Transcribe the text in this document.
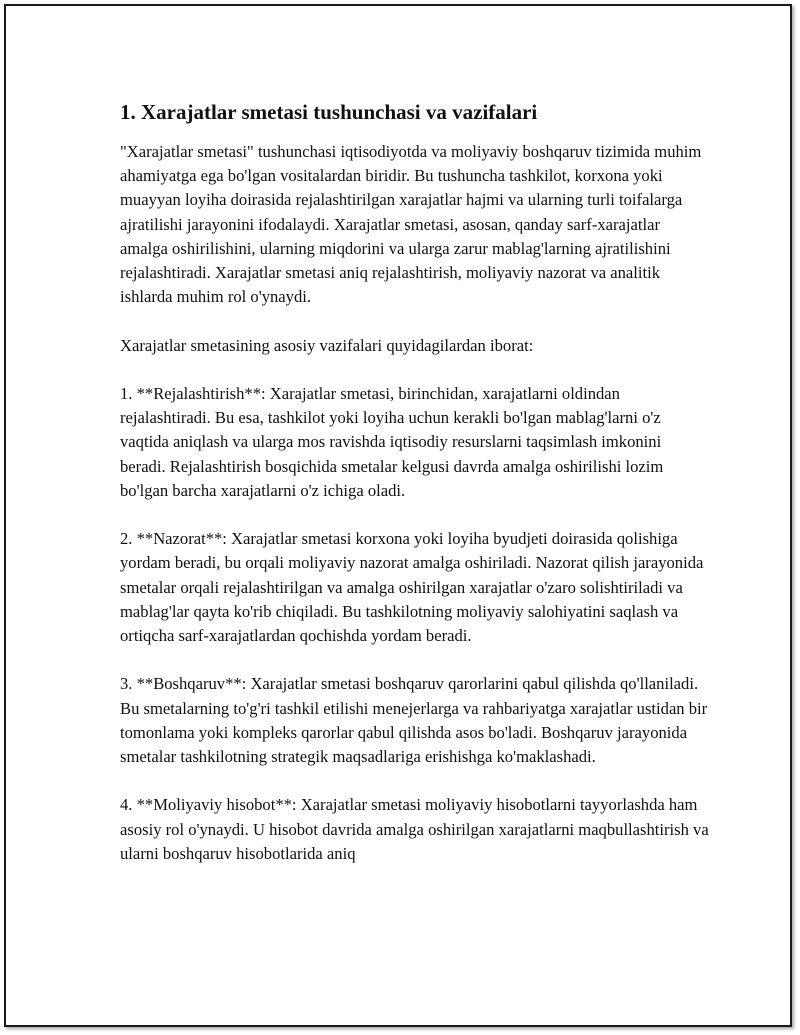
1. Xarajatlar smetasi tushunchasi va vazifalari

"Xarajatlar smetasi" tushunchasi iqtisodiyotda va moliyaviy boshqaruv tizimida muhim ahamiyatga ega bo'lgan vositalardan biridir. Bu tushuncha tashkilot, korxona yoki muayyan loyiha doirasida rejalashtirilgan xarajatlar hajmi va ularning turli toifalarga ajratilishi jarayonini ifodalaydi. Xarajatlar smetasi, asosan, qanday sarf-xarajatlar amalga oshirilishini, ularning miqdorini va ularga zarur mablag'larning ajratilishini rejalashtiradi. Xarajatlar smetasi aniq rejalashtirish, moliyaviy nazorat va analitik ishlarda muhim rol o'ynaydi.

Xarajatlar smetasining asosiy vazifalari quyidagilardan iborat:

1. **Rejalashtirish**: Xarajatlar smetasi, birinchidan, xarajatlarni oldindan rejalashtiradi. Bu esa, tashkilot yoki loyiha uchun kerakli bo'lgan mablag'larni o'z vaqtida aniqlash va ularga mos ravishda iqtisodiy resurslarni taqsimlash imkonini beradi. Rejalashtirish bosqichida smetalar kelgusi davrda amalga oshirilishi lozim bo'lgan barcha xarajatlarni o'z ichiga oladi.

2. **Nazorat**: Xarajatlar smetasi korxona yoki loyiha byudjeti doirasida qolishiga yordam beradi, bu orqali moliyaviy nazorat amalga oshiriladi. Nazorat qilish jarayonida smetalar orqali rejalashtirilgan va amalga oshirilgan xarajatlar o'zaro solishtiriladi va mablag'lar qayta ko'rib chiqiladi. Bu tashkilotning moliyaviy salohiyatini saqlash va ortiqcha sarf-xarajatlardan qochishda yordam beradi.

3. **Boshqaruv**: Xarajatlar smetasi boshqaruv qarorlarini qabul qilishda qo'llaniladi. Bu smetalarning to'g'ri tashkil etilishi menejerlarga va rahbariyatga xarajatlar ustidan bir tomonlama yoki kompleks qarorlar qabul qilishda asos bo'ladi. Boshqaruv jarayonida smetalar tashkilotning strategik maqsadlariga erishishga ko'maklashadi.

4. **Moliyaviy hisobot**: Xarajatlar smetasi moliyaviy hisobotlarni tayyorlashda ham asosiy rol o'ynaydi. U hisobot davrida amalga oshirilgan xarajatlarni maqbullashtirish va ularni boshqaruv hisobotlarida aniq
